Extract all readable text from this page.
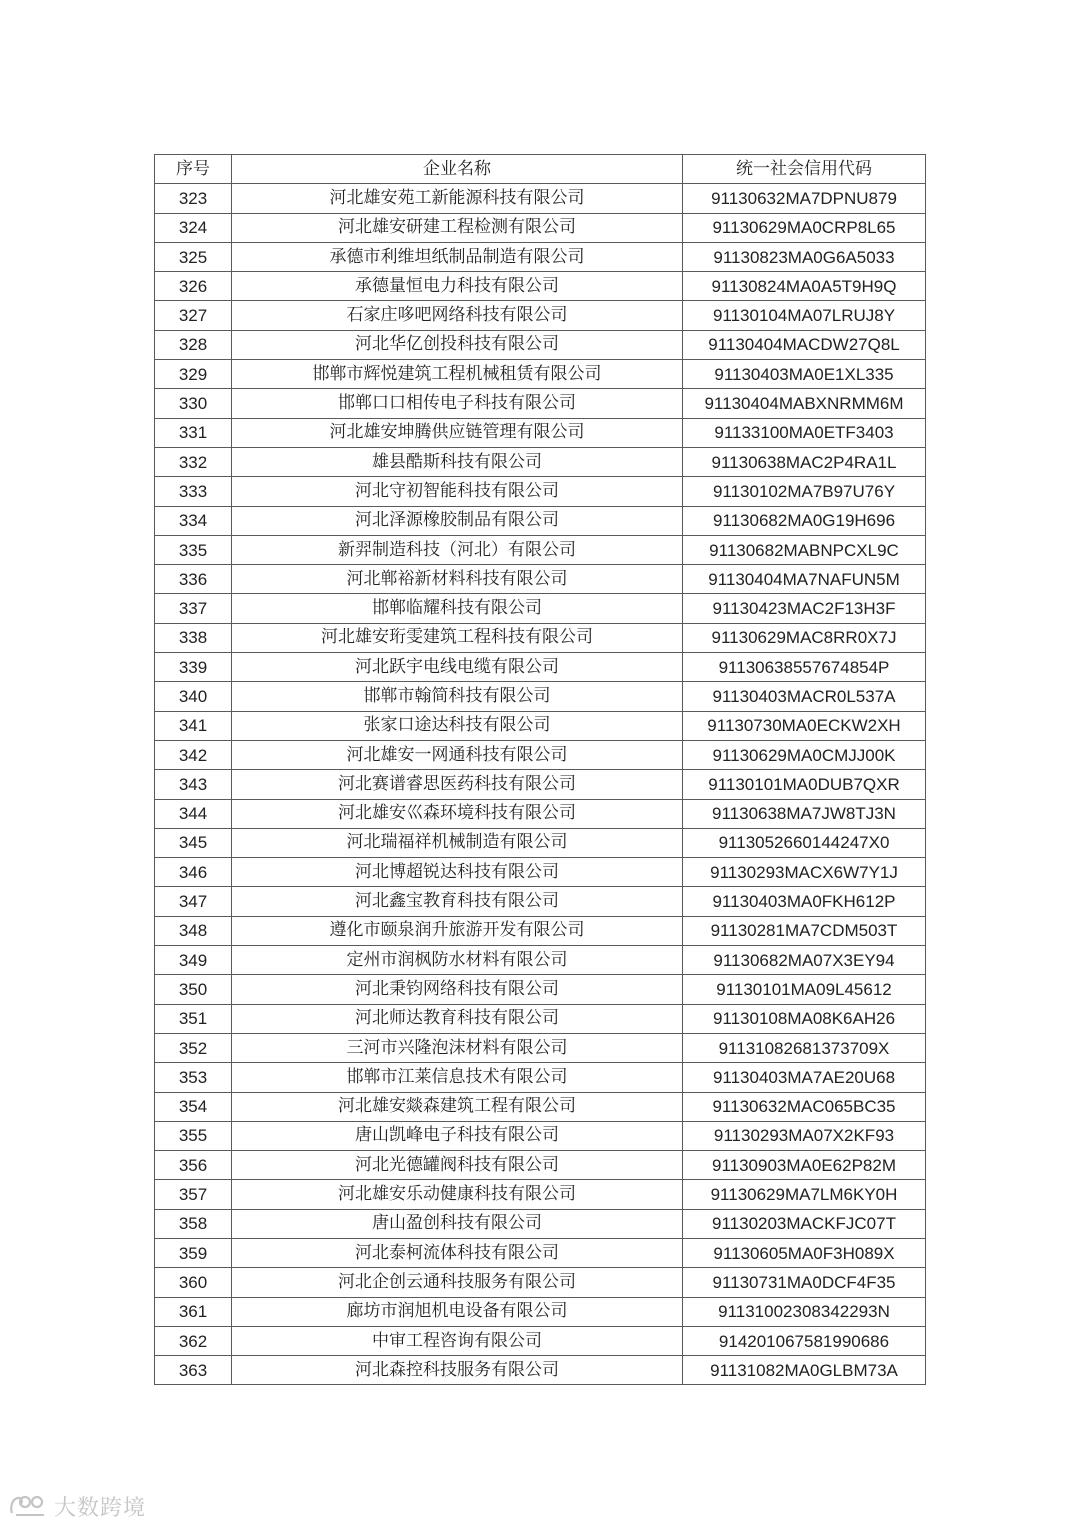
序号	企业名称	统一社会信用代码
323	河北雄安苑工新能源科技有限公司	91130632MA7DPNU879
324	河北雄安研建工程检测有限公司	91130629MA0CRP8L65
325	承德市利维坦纸制品制造有限公司	91130823MA0G6A5033
326	承德量恒电力科技有限公司	91130824MA0A5T9H9Q
327	石家庄哆吧网络科技有限公司	91130104MA07LRUJ8Y
328	河北华亿创投科技有限公司	91130404MACDW27Q8L
329	邯郸市辉悦建筑工程机械租赁有限公司	91130403MA0E1XL335
330	邯郸口口相传电子科技有限公司	91130404MABXNRMM6M
331	河北雄安坤腾供应链管理有限公司	91133100MA0ETF3403
332	雄县酷斯科技有限公司	91130638MAC2P4RA1L
333	河北守初智能科技有限公司	91130102MA7B97U76Y
334	河北泽源橡胶制品有限公司	91130682MA0G19H696
335	新羿制造科技（河北）有限公司	91130682MABNPCXL9C
336	河北郸裕新材料科技有限公司	91130404MA7NAFUN5M
337	邯郸临耀科技有限公司	91130423MAC2F13H3F
338	河北雄安珩雯建筑工程科技有限公司	91130629MAC8RR0X7J
339	河北跃宇电线电缆有限公司	91130638557674854P
340	邯郸市翰简科技有限公司	91130403MACR0L537A
341	张家口途达科技有限公司	91130730MA0ECKW2XH
342	河北雄安一网通科技有限公司	91130629MA0CMJJ00K
343	河北赛谱睿思医药科技有限公司	91130101MA0DUB7QXR
344	河北雄安巛森环境科技有限公司	91130638MA7JW8TJ3N
345	河北瑞福祥机械制造有限公司	9113052660144247X0
346	河北博超锐达科技有限公司	91130293MACX6W7Y1J
347	河北鑫宝教育科技有限公司	91130403MA0FKH612P
348	遵化市颐泉润升旅游开发有限公司	91130281MA7CDM503T
349	定州市润枫防水材料有限公司	91130682MA07X3EY94
350	河北秉钧网络科技有限公司	91130101MA09L45612
351	河北师达教育科技有限公司	91130108MA08K6AH26
352	三河市兴隆泡沫材料有限公司	91131082681373709X
353	邯郸市江莱信息技术有限公司	91130403MA7AE20U68
354	河北雄安燚森建筑工程有限公司	91130632MAC065BC35
355	唐山凯峰电子科技有限公司	91130293MA07X2KF93
356	河北光德罐阀科技有限公司	91130903MA0E62P82M
357	河北雄安乐动健康科技有限公司	91130629MA7LM6KY0H
358	唐山盈创科技有限公司	91130203MACKFJC07T
359	河北泰柯流体科技有限公司	91130605MA0F3H089X
360	河北企创云通科技服务有限公司	91130731MA0DCF4F35
361	廊坊市润旭机电设备有限公司	9113100230834229​3N
362	中审工程咨询有限公司	91420106758199068​6
363	河北森控科技服务有限公司	91131082MA0GLBM73A
大数跨境
